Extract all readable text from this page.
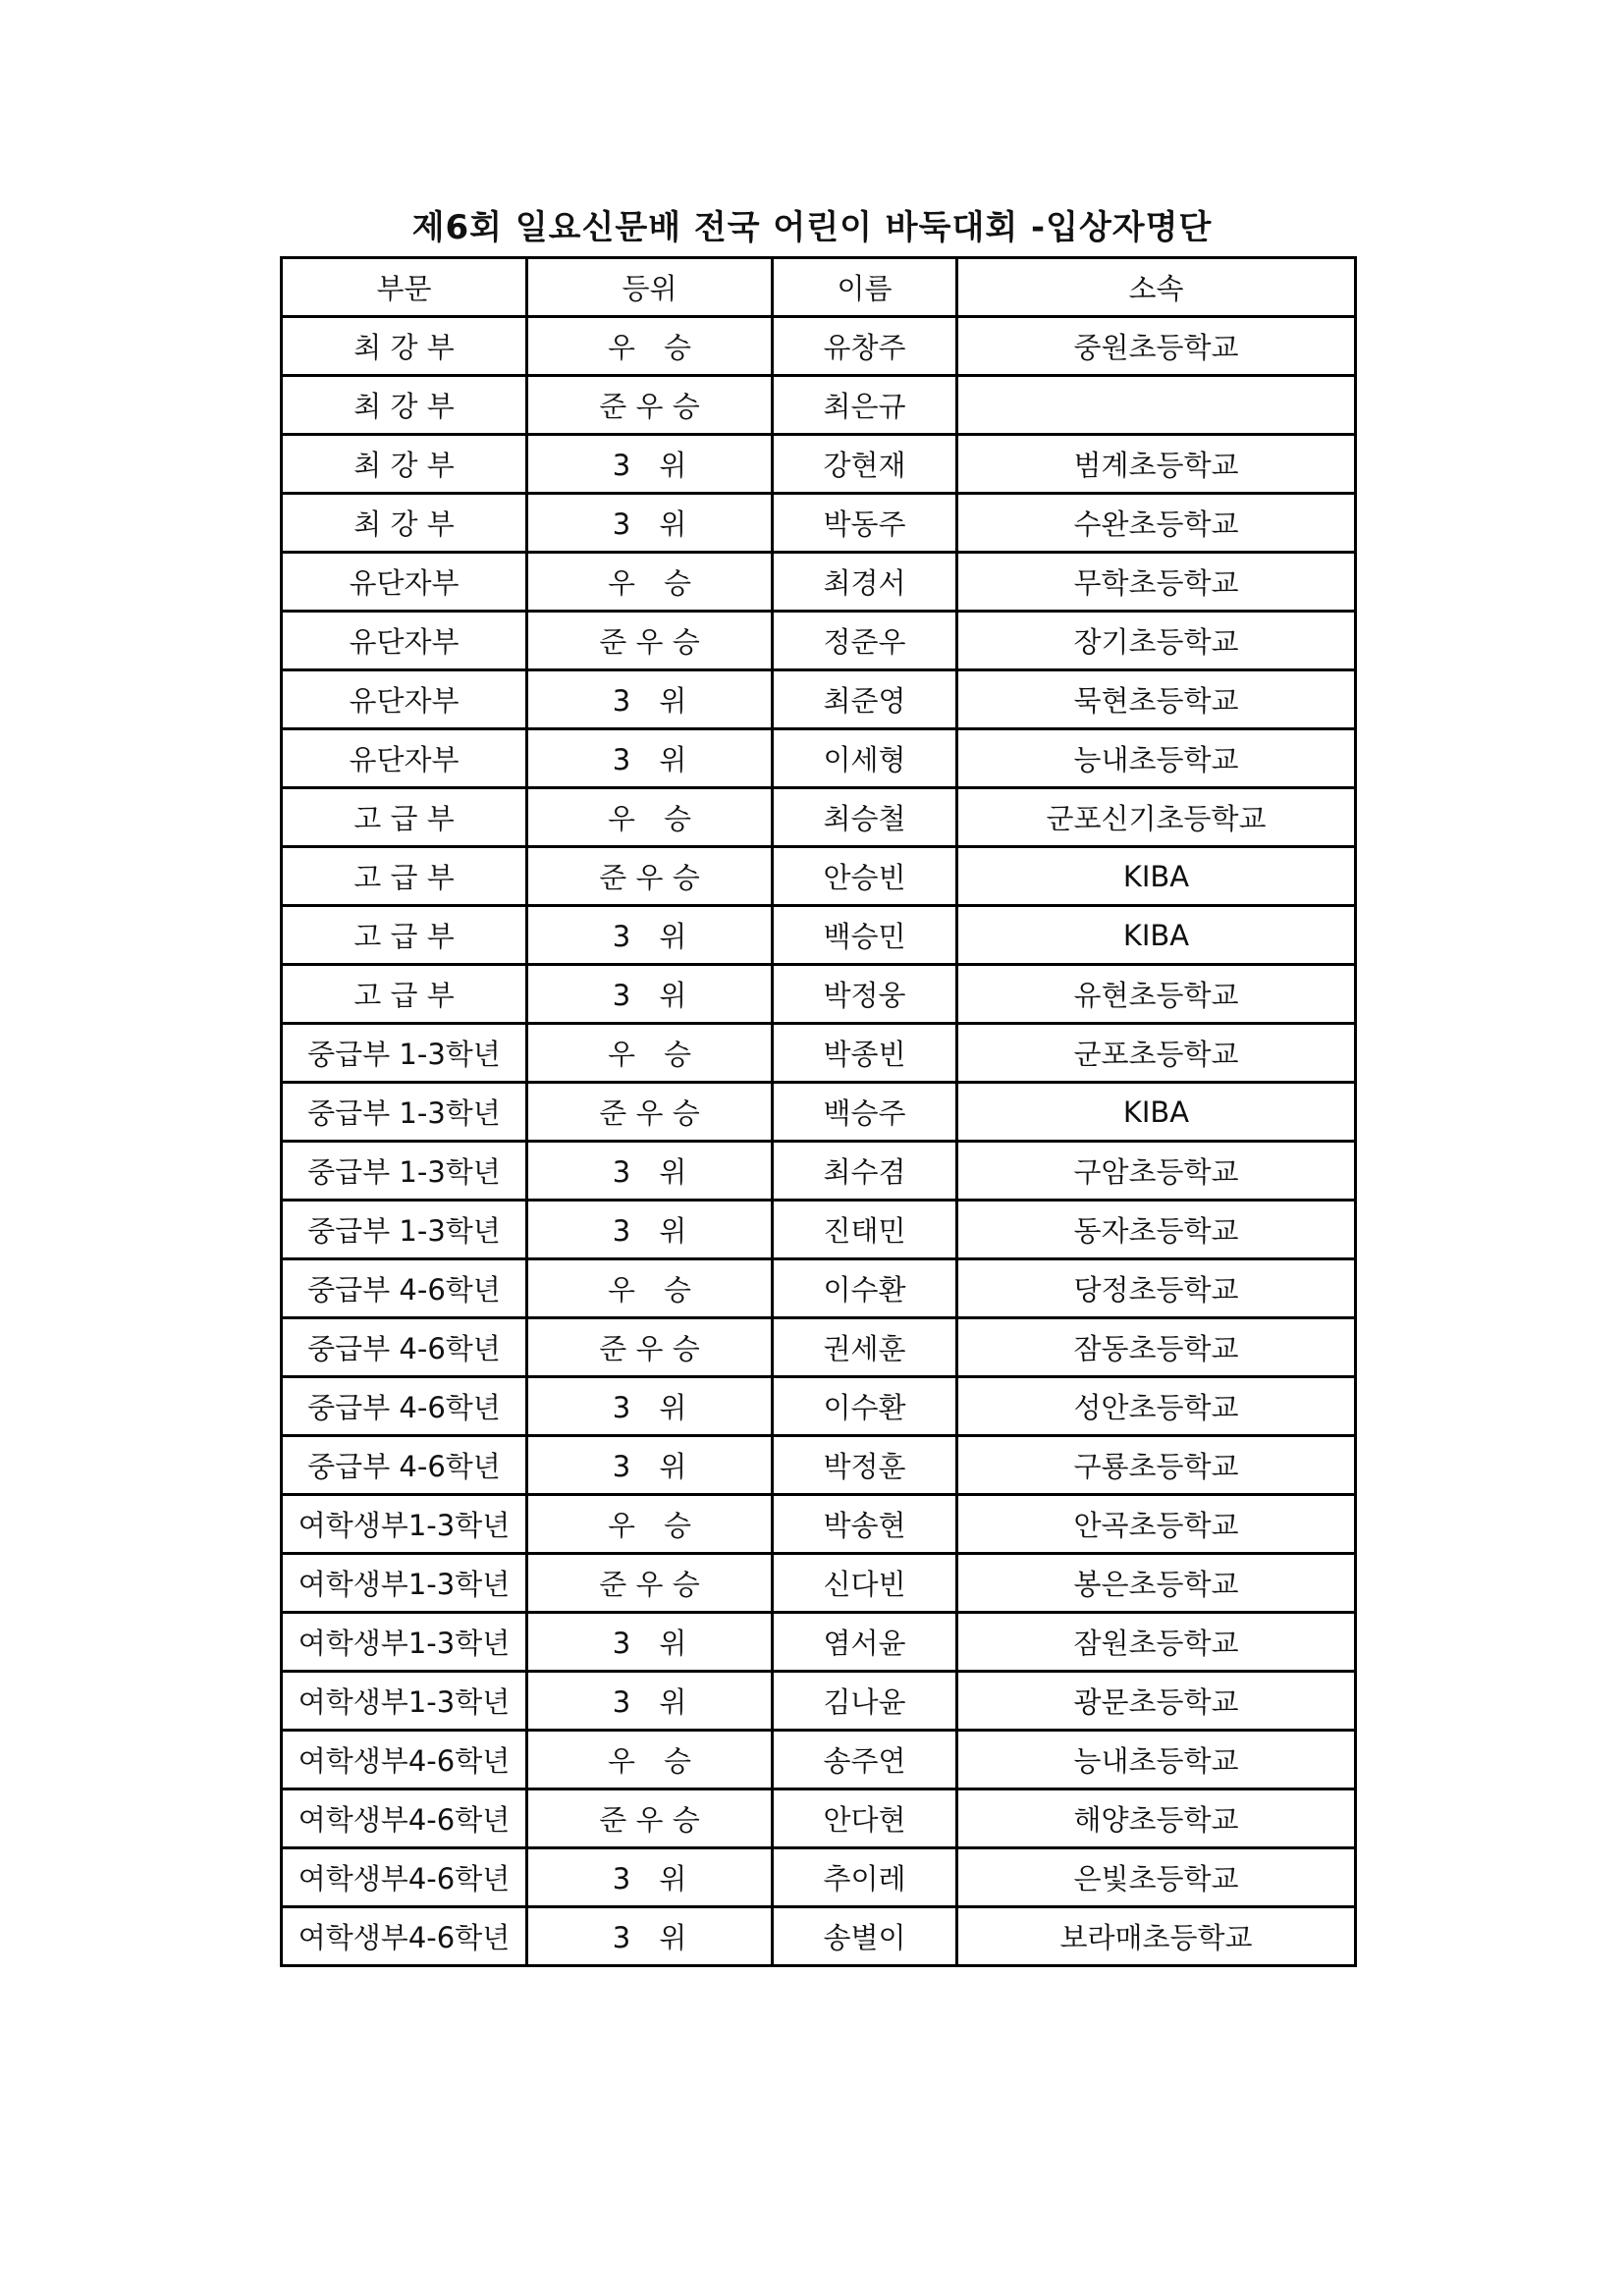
제6회 일요신문배 전국 어린이 바둑대회 -입상자명단
부문	등위	이름	소속
최 강 부	우　승	유창주	중원초등학교
최 강 부	준 우 승	최은규	
최 강 부	3　위	강현재	범계초등학교
최 강 부	3　위	박동주	수완초등학교
유단자부	우　승	최경서	무학초등학교
유단자부	준 우 승	정준우	장기초등학교
유단자부	3　위	최준영	묵현초등학교
유단자부	3　위	이세형	능내초등학교
고 급 부	우　승	최승철	군포신기초등학교
고 급 부	준 우 승	안승빈	KIBA
고 급 부	3　위	백승민	KIBA
고 급 부	3　위	박정웅	유현초등학교
중급부 1-3학년	우　승	박종빈	군포초등학교
중급부 1-3학년	준 우 승	백승주	KIBA
중급부 1-3학년	3　위	최수겸	구암초등학교
중급부 1-3학년	3　위	진태민	동자초등학교
중급부 4-6학년	우　승	이수환	당정초등학교
중급부 4-6학년	준 우 승	권세훈	잠동초등학교
중급부 4-6학년	3　위	이수환	성안초등학교
중급부 4-6학년	3　위	박정훈	구룡초등학교
여학생부1-3학년	우　승	박송현	안곡초등학교
여학생부1-3학년	준 우 승	신다빈	봉은초등학교
여학생부1-3학년	3　위	염서윤	잠원초등학교
여학생부1-3학년	3　위	김나윤	광문초등학교
여학생부4-6학년	우　승	송주연	능내초등학교
여학생부4-6학년	준 우 승	안다현	해양초등학교
여학생부4-6학년	3　위	추이레	은빛초등학교
여학생부4-6학년	3　위	송별이	보라매초등학교
